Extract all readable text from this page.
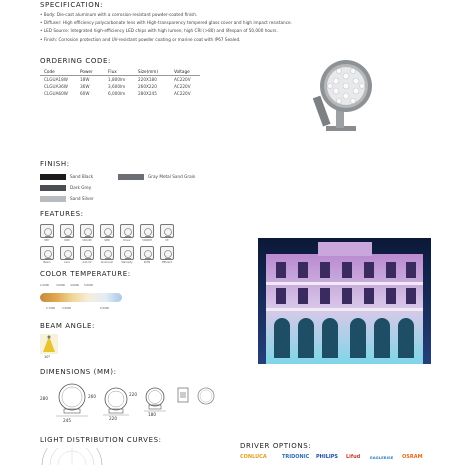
SPECIFICATION:
• Body: Die-cast aluminum with a corrosion-resistant powder-coated finish.
• Diffuser: High efficiency polycarbonate lens with High-transparency tempered glass cover and high impact resistance.
• LED Source: Integrated high-efficiency LED chips with high lumen, high CRI (>80) and lifespan of 50,000 hours.
• Finish: Corrosion protection and UV-resistant powder coating or marine coat with IP67 Sealed.
ORDERING CODE:
Code	Power	Flux	Size(mm)	Voltage
CLGUA18W	18W	1,800lm	220X180	AC220V
CLGUA36W	36W	3,600lm	260X220	AC220V
CLGUA60W	60W	6,000lm	280X245	AC220V
FINISH:
Sand Black
Dark Grey
Sand Silver
Gray Metal Sand Grain
FEATURES:
IP67	IK08	CRI>80	SMD	Driver	50000H	CE
Beam	Lens	Anti-UV	Aluminum	Warranty	RoHS	Efficient
COLOR TEMPERATURE:
2,200K	3,000K 4,000K 5,000K
2,700K	3,500K	6,500K
BEAM ANGLE:
10°
DIMENSIONS (MM):
280
245
260
220
220
180
LIGHT DISTRIBUTION CURVES:
DRIVER OPTIONS:
CONLUCA	TRIDONIC PHILIPS Lifud	EAGLERISE OSRAM
